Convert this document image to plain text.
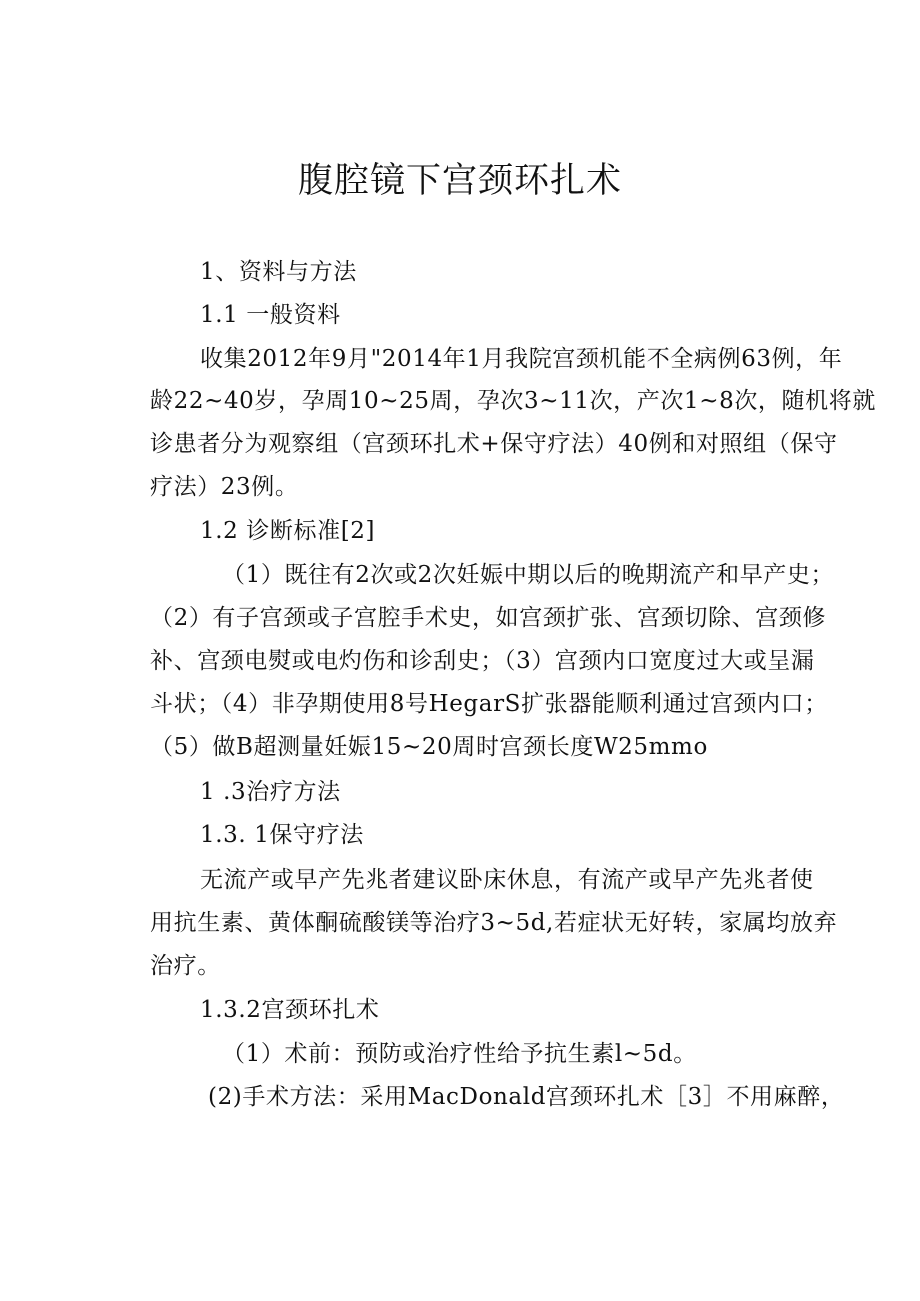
腹腔镜下宫颈环扎术

1、资料与方法

1.1 一般资料

收集2012年9月"2014年1月我院宫颈机能不全病例63例，年

龄22~40岁，孕周10~25周，孕次3~11次，产次1~8次，随机将就

诊患者分为观察组（宫颈环扎术+保守疗法）40例和对照组（保守

疗法）23例。

1.2 诊断标准[2]

（1）既往有2次或2次妊娠中期以后的晚期流产和早产史；

（2）有子宫颈或子宫腔手术史，如宫颈扩张、宫颈切除、宫颈修

补、宫颈电熨或电灼伤和诊刮史；（3）宫颈内口宽度过大或呈漏

斗状；（4）非孕期使用8号HegarS扩张器能顺利通过宫颈内口；

（5）做B超测量妊娠15~20周时宫颈长度W25mmo

1 .3治疗方法

1.3. 1保守疗法

无流产或早产先兆者建议卧床休息，有流产或早产先兆者使

用抗生素、黄体酮硫酸镁等治疗3~5d,若症状无好转，家属均放弃

治疗。

1.3.2宫颈环扎术

（1）术前：预防或治疗性给予抗生素l~5d。

(2)手术方法：采用MacDonald宫颈环扎术［3］不用麻醉，
